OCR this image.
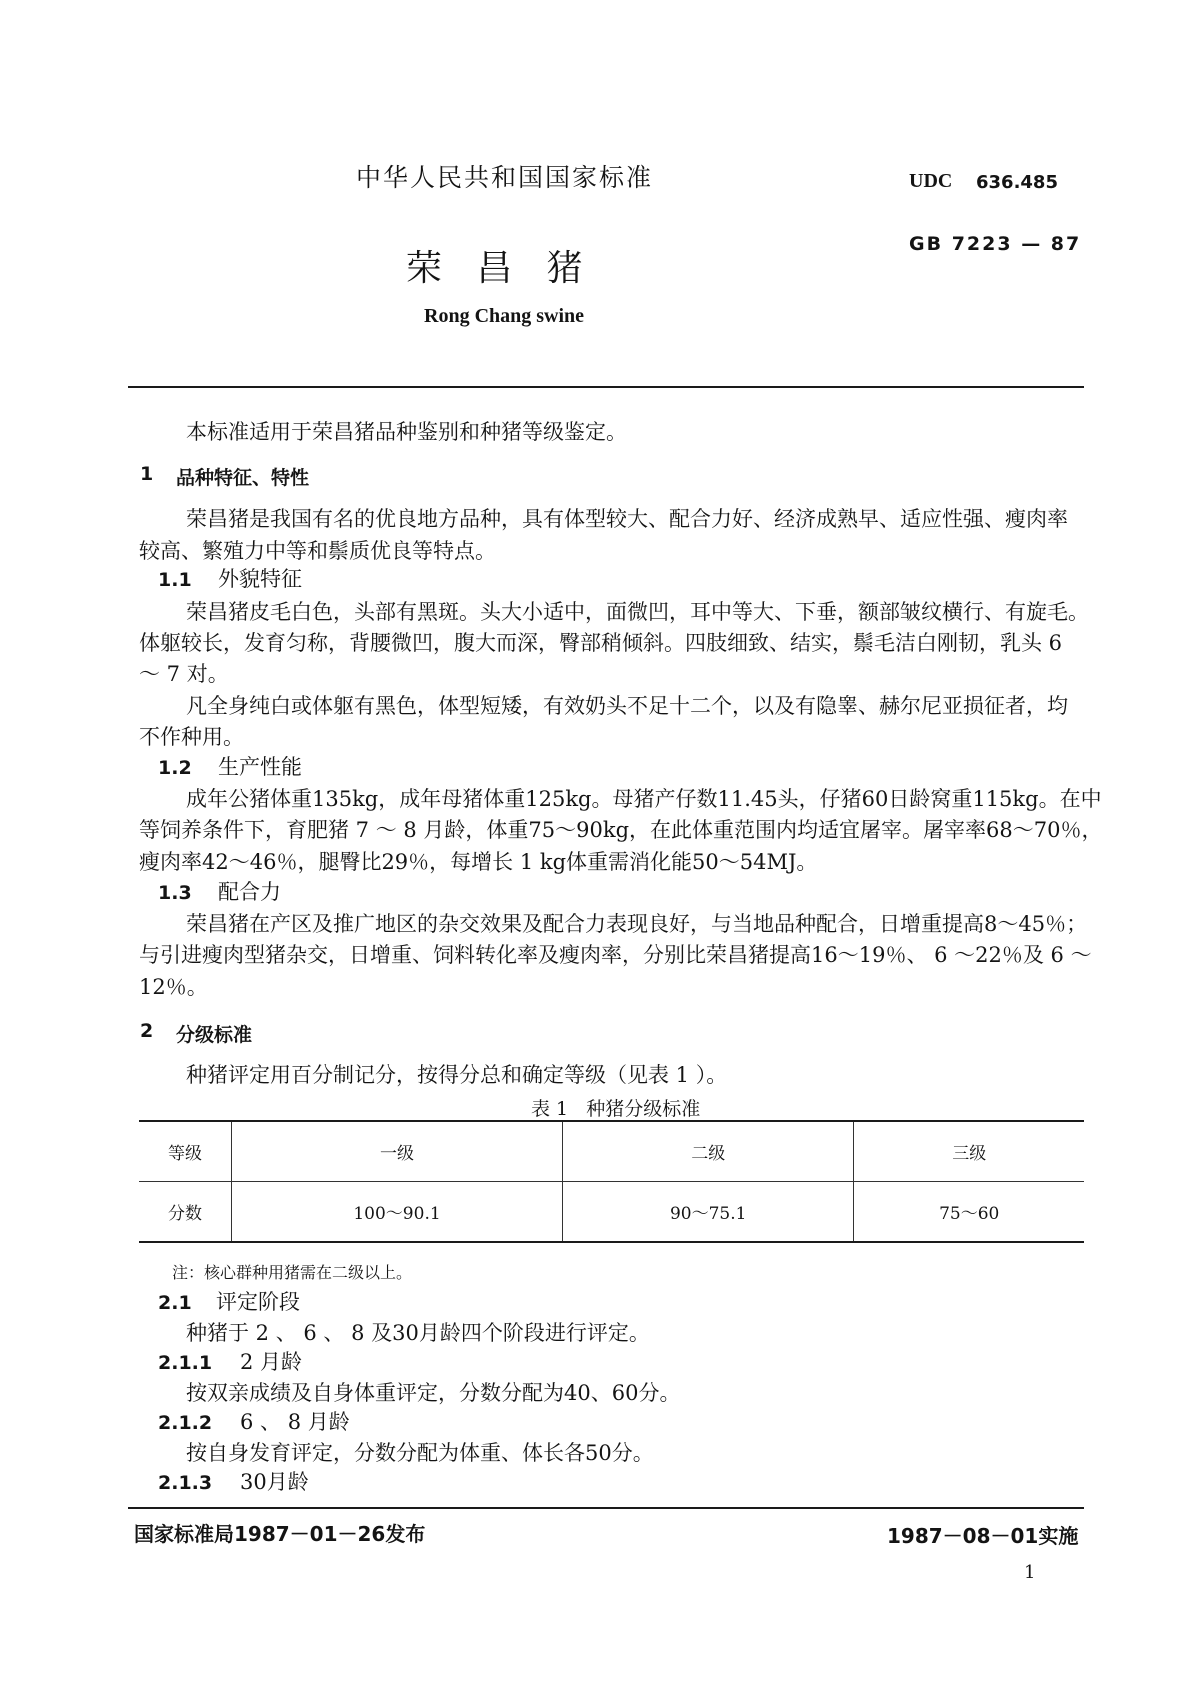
中华人民共和国国家标准	UDC 636.485
GB 7223 — 87
荣   昌   猪
Rong Chang swine
本标准适用于荣昌猪品种鉴别和种猪等级鉴定。
1 品种特征、特性
荣昌猪是我国有名的优良地方品种，具有体型较大、配合力好、经济成熟早、适应性强、瘦肉率
较高、繁殖力中等和鬃质优良等特点。
1.1 外貌特征
荣昌猪皮毛白色，头部有黑斑。头大小适中，面微凹，耳中等大、下垂，额部皱纹横行、有旋毛。
体躯较长，发育匀称，背腰微凹，腹大而深，臀部稍倾斜。四肢细致、结实，鬃毛洁白刚韧，乳头 6
～ 7 对。
凡全身纯白或体躯有黑色，体型短矮，有效奶头不足十二个，以及有隐睾、赫尔尼亚损征者，均
不作种用。
1.2 生产性能
成年公猪体重135kg，成年母猪体重125kg。母猪产仔数11.45头，仔猪60日龄窝重115kg。在中
等饲养条件下，育肥猪 7 ～ 8 月龄，体重75～90kg，在此体重范围内均适宜屠宰。屠宰率68～70％，
瘦肉率42～46％，腿臀比29％，每增长 1 kg体重需消化能50～54MJ。
1.3 配合力
荣昌猪在产区及推广地区的杂交效果及配合力表现良好，与当地品种配合，日增重提高8～45％；
与引进瘦肉型猪杂交，日增重、饲料转化率及瘦肉率，分别比荣昌猪提高16～19％、 6 ～22％及 6 ～
12％。
2 分级标准
种猪评定用百分制记分，按得分总和确定等级（见表 1 ）。
表 1   种猪分级标准
等级	一级	二级	三级
分数	100～90.1	90～75.1	75～60
注：核心群种用猪需在二级以上。
2.1 评定阶段
种猪于 2 、 6 、 8 及30月龄四个阶段进行评定。
2.1.1 2 月龄
按双亲成绩及自身体重评定，分数分配为40、60分。
2.1.2 6 、 8 月龄
按自身发育评定，分数分配为体重、体长各50分。
2.1.3 30月龄
国家标准局1987－01－26发布	1987－08－01实施
1
